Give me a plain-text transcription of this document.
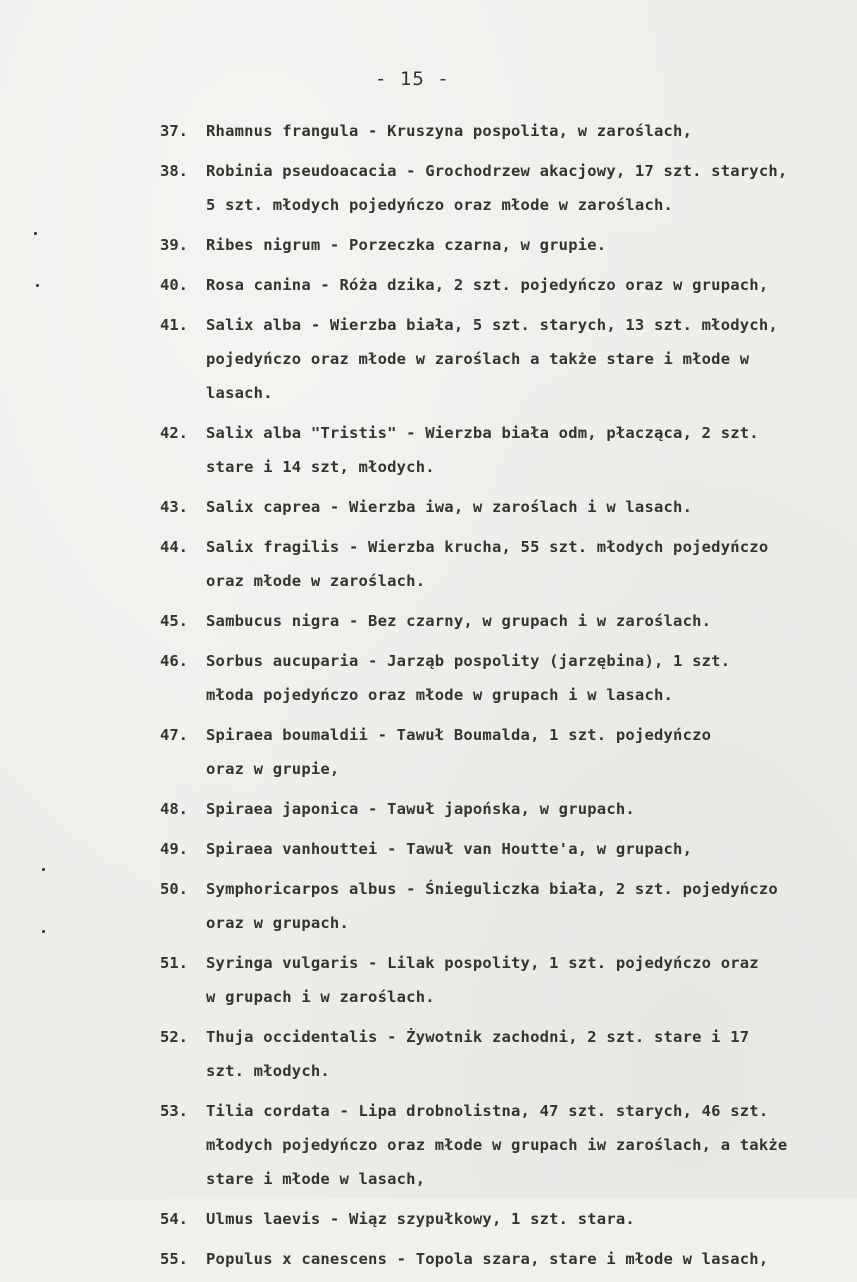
- 15 -
37.	Rhamnus frangula - Kruszyna pospolita, w zaroślach,
38.	Robinia pseudoacacia - Grochodrzew akacjowy, 17 szt. starych,
5 szt. młodych pojedyńczo oraz młode w zaroślach.
39.	Ribes nigrum - Porzeczka czarna, w grupie.
40.	Rosa canina - Róża dzika, 2 szt. pojedyńczo oraz w grupach,
41.	Salix alba - Wierzba biała, 5 szt. starych, 13 szt. młodych,
pojedyńczo oraz młode w zaroślach a także stare i młode w
lasach.
42.	Salix alba "Tristis" - Wierzba biała odm, płacząca, 2 szt.
stare i 14 szt, młodych.
43.	Salix caprea - Wierzba iwa, w zaroślach i w lasach.
44.	Salix fragilis - Wierzba krucha, 55 szt. młodych pojedyńczo
oraz młode w zaroślach.
45.	Sambucus nigra - Bez czarny, w grupach i w zaroślach.
46.	Sorbus aucuparia - Jarząb pospolity (jarzębina), 1 szt.
młoda pojedyńczo oraz młode w grupach i w lasach.
47.	Spiraea boumaldii - Tawuł Boumalda, 1 szt. pojedyńczo
oraz w grupie,
48.	Spiraea japonica - Tawuł japońska, w grupach.
49.	Spiraea vanhouttei - Tawuł van Houtte'a, w grupach,
50.	Symphoricarpos albus - Śnieguliczka biała, 2 szt. pojedyńczo
oraz w grupach.
51.	Syringa vulgaris - Lilak pospolity, 1 szt. pojedyńczo oraz
w grupach i w zaroślach.
52.	Thuja occidentalis - Żywotnik zachodni, 2 szt. stare i 17
szt. młodych.
53.	Tilia cordata - Lipa drobnolistna, 47 szt. starych, 46 szt.
młodych pojedyńczo oraz młode w grupach iw zaroślach, a także
stare i młode w lasach,
54.	Ulmus laevis - Wiąz szypułkowy, 1 szt. stara.
55.	Populus x canescens - Topola szara, stare i młode w lasach,
